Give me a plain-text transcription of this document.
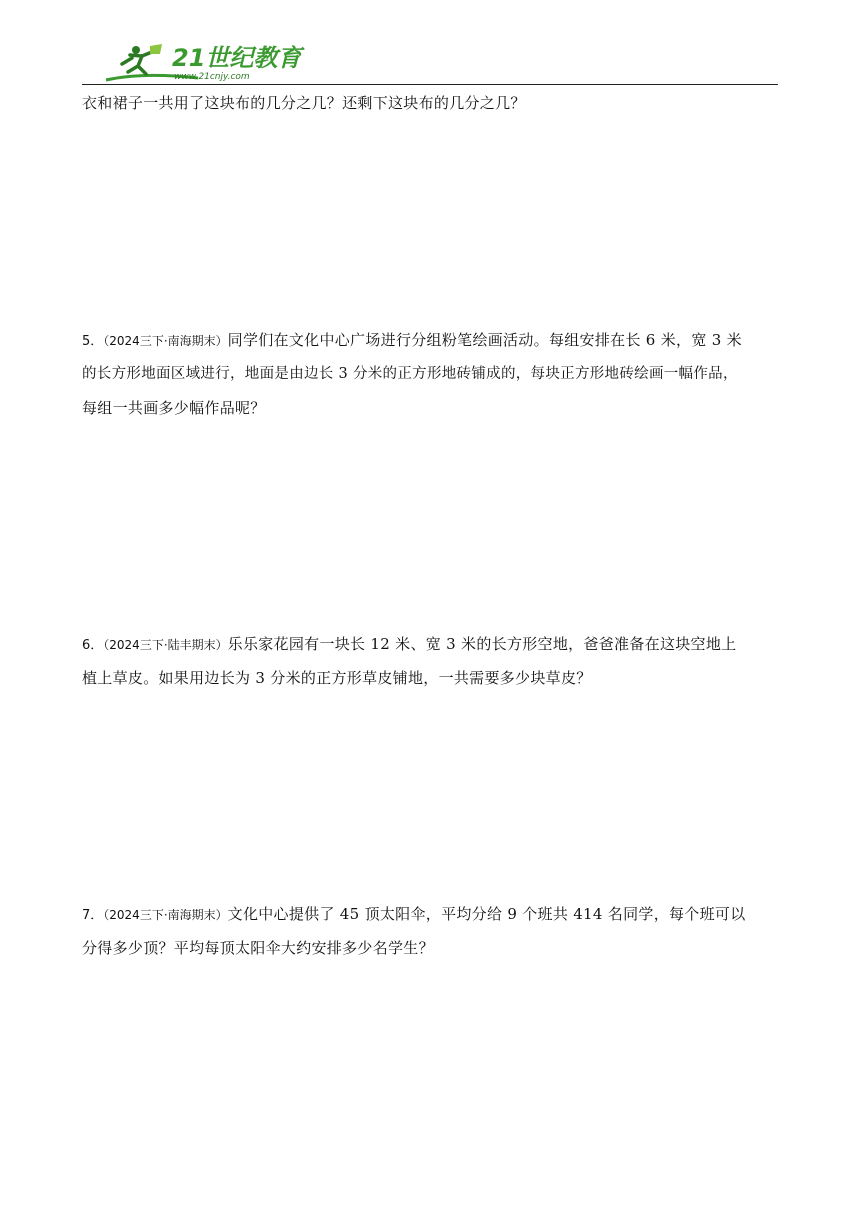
21世纪教育
www.21cnjy.com
衣和裙子一共用了这块布的几分之几？还剩下这块布的几分之几？
5．（2024三下·南海期末）同学们在文化中心广场进行分组粉笔绘画活动。每组安排在长 6 米，宽 3 米
的长方形地面区域进行，地面是由边长 3 分米的正方形地砖铺成的，每块正方形地砖绘画一幅作品，
每组一共画多少幅作品呢？
6．（2024三下·陆丰期末）乐乐家花园有一块长 12 米、宽 3 米的长方形空地，爸爸准备在这块空地上
植上草皮。如果用边长为 3 分米的正方形草皮铺地，一共需要多少块草皮？
7．（2024三下·南海期末）文化中心提供了 45 顶太阳伞，平均分给 9 个班共 414 名同学，每个班可以
分得多少顶？平均每顶太阳伞大约安排多少名学生？
